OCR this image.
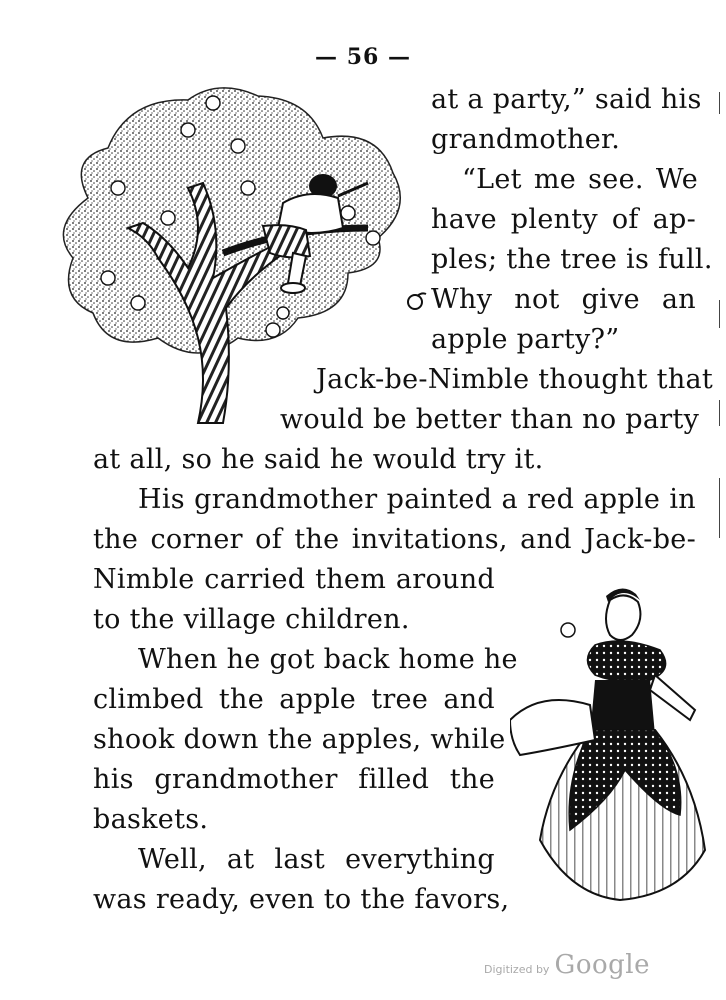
— 56 —
at a party,” said his
grandmother.
“Let me see. We
have plenty of ap-
ples; the tree is full.
Why not give an
apple party?”
Jack-be-Nimble thought that
would be better than no party
at all, so he said he would try it.
His grandmother painted a red apple in
the corner of the invitations, and Jack-be-
Nimble carried them around
to the village children.
When he got back home he
climbed the apple tree and
shook down the apples, while
his grandmother filled the
baskets.
Well, at last everything
was ready, even to the favors,
Digitized by Google
